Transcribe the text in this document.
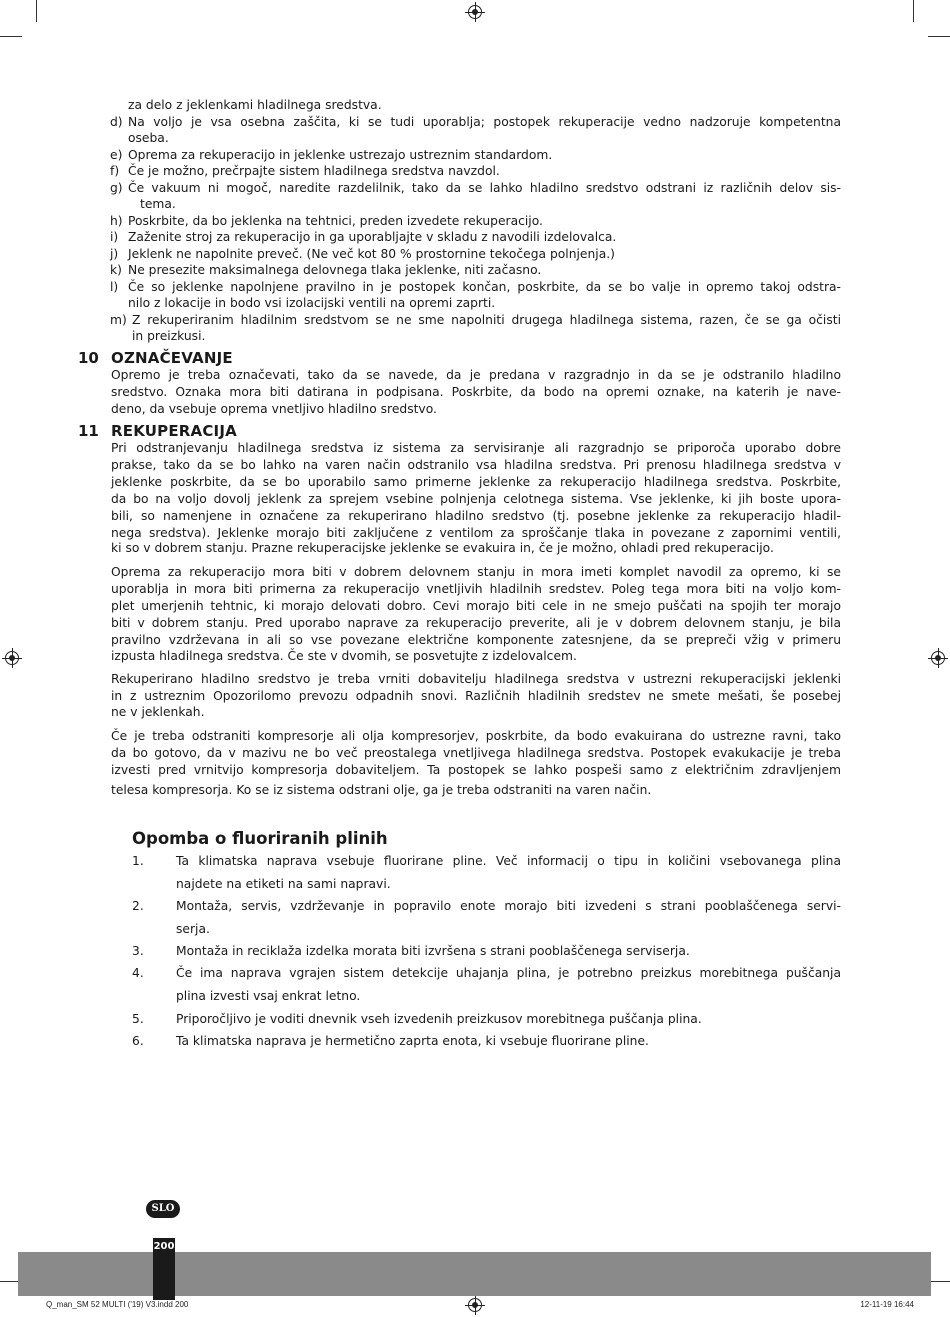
za delo z jeklenkami hladilnega sredstva.
d) Na voljo je vsa osebna zaščita, ki se tudi uporablja; postopek rekuperacije vedno nadzoruje kompetentna
oseba.
e) Oprema za rekuperacijo in jeklenke ustrezajo ustreznim standardom.
f) Če je možno, prečrpajte sistem hladilnega sredstva navzdol.
g) Če vakuum ni mogoč, naredite razdelilnik, tako da se lahko hladilno sredstvo odstrani iz različnih delov sis-
tema.
h) Poskrbite, da bo jeklenka na tehtnici, preden izvedete rekuperacijo.
i) Zaženite stroj za rekuperacijo in ga uporabljajte v skladu z navodili izdelovalca.
j) Jeklenk ne napolnite preveč. (Ne več kot 80 % prostornine tekočega polnjenja.)
k) Ne presezite maksimalnega delovnega tlaka jeklenke, niti začasno.
l) Če so jeklenke napolnjene pravilno in je postopek končan, poskrbite, da se bo valje in opremo takoj odstra-
nilo z lokacije in bodo vsi izolacijski ventili na opremi zaprti.
m) Z rekuperiranim hladilnim sredstvom se ne sme napolniti drugega hladilnega sistema, razen, če se ga očisti
in preizkusi.
10 OZNAČEVANJE
Opremo je treba označevati, tako da se navede, da je predana v razgradnjo in da se je odstranilo hladilno
sredstvo. Oznaka mora biti datirana in podpisana. Poskrbite, da bodo na opremi oznake, na katerih je nave-
deno, da vsebuje oprema vnetljivo hladilno sredstvo.
11 REKUPERACIJA
Pri odstranjevanju hladilnega sredstva iz sistema za servisiranje ali razgradnjo se priporoča uporabo dobre
prakse, tako da se bo lahko na varen način odstranilo vsa hladilna sredstva. Pri prenosu hladilnega sredstva v
jeklenke poskrbite, da se bo uporabilo samo primerne jeklenke za rekuperacijo hladilnega sredstva. Poskrbite,
da bo na voljo dovolj jeklenk za sprejem vsebine polnjenja celotnega sistema. Vse jeklenke, ki jih boste upora-
bili, so namenjene in označene za rekuperirano hladilno sredstvo (tj. posebne jeklenke za rekuperacijo hladil-
nega sredstva). Jeklenke morajo biti zaključene z ventilom za sproščanje tlaka in povezane z zapornimi ventili,
ki so v dobrem stanju. Prazne rekuperacijske jeklenke se evakuira in, če je možno, ohladi pred rekuperacijo.
Oprema za rekuperacijo mora biti v dobrem delovnem stanju in mora imeti komplet navodil za opremo, ki se
uporablja in mora biti primerna za rekuperacijo vnetljivih hladilnih sredstev. Poleg tega mora biti na voljo kom-
plet umerjenih tehtnic, ki morajo delovati dobro. Cevi morajo biti cele in ne smejo puščati na spojih ter morajo
biti v dobrem stanju. Pred uporabo naprave za rekuperacijo preverite, ali je v dobrem delovnem stanju, je bila
pravilno vzdrževana in ali so vse povezane električne komponente zatesnjene, da se prepreči vžig v primeru
izpusta hladilnega sredstva. Če ste v dvomih, se posvetujte z izdelovalcem.
Rekuperirano hladilno sredstvo je treba vrniti dobavitelju hladilnega sredstva v ustrezni rekuperacijski jeklenki
in z ustreznim Opozorilomo prevozu odpadnih snovi. Različnih hladilnih sredstev ne smete mešati, še posebej
ne v jeklenkah.
Če je treba odstraniti kompresorje ali olja kompresorjev, poskrbite, da bodo evakuirana do ustrezne ravni, tako
da bo gotovo, da v mazivu ne bo več preostalega vnetljivega hladilnega sredstva. Postopek evakukacije je treba
izvesti pred vrnitvijo kompresorja dobaviteljem. Ta postopek se lahko pospeši samo z električnim zdravljenjem
telesa kompresorja. Ko se iz sistema odstrani olje, ga je treba odstraniti na varen način.
Opomba o fluoriranih plinih
1.	Ta klimatska naprava vsebuje fluorirane pline. Več informacij o tipu in količini vsebovanega plina
najdete na etiketi na sami napravi.
2.	Montaža, servis, vzdrževanje in popravilo enote morajo biti izvedeni s strani pooblaščenega servi-
serja.
3.	Montaža in reciklaža izdelka morata biti izvršena s strani pooblaščenega serviserja.
4.	Če ima naprava vgrajen sistem detekcije uhajanja plina, je potrebno preizkus morebitnega puščanja
plina izvesti vsaj enkrat letno.
5.	Priporočljivo je voditi dnevnik vseh izvedenih preizkusov morebitnega puščanja plina.
6.	Ta klimatska naprava je hermetično zaprta enota, ki vsebuje fluorirane pline.
SLO
200
Q_man_SM 52 MULTI ('19) V3.indd 200	12-11-19 16:44
